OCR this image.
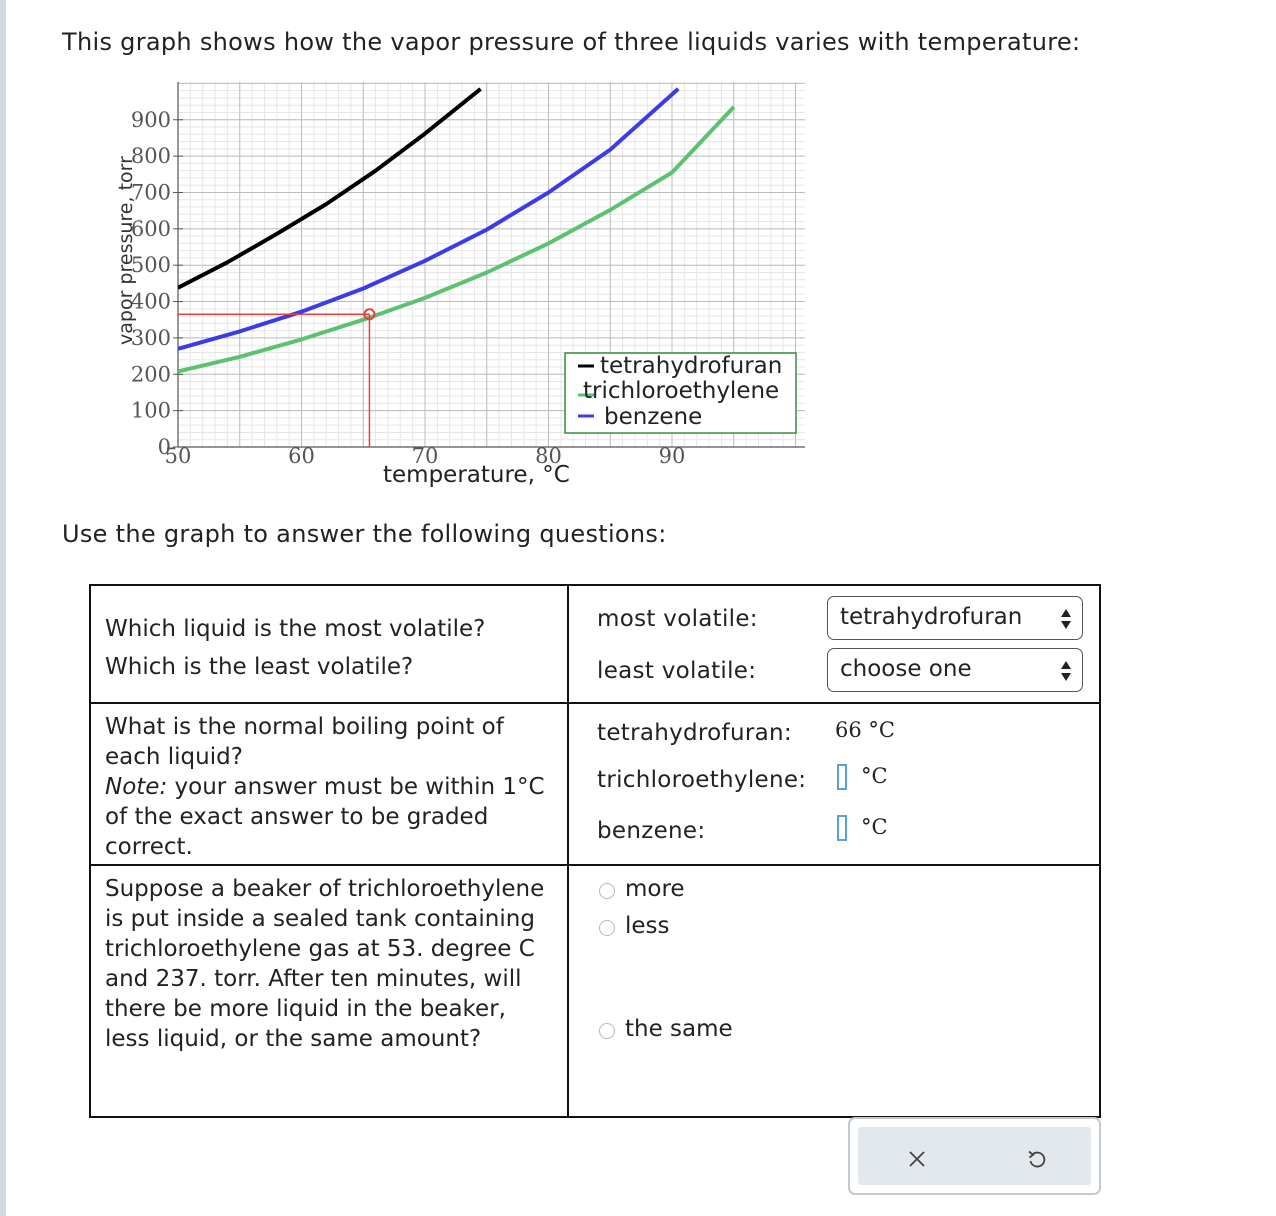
This graph shows how the vapor pressure of three liquids varies with temperature:
0
100
200
300
400
500
600
700
800
900
50	60	70	80	90
tetrahydrofuran
trichloroethylene
benzene
temperature, °C
vapor pressure, torr
Use the graph to answer the following questions:
Which liquid is the most volatile?
Which is the least volatile?
most volatile:	tetrahydrofuran
least volatile:	choose one
What is the normal boiling point of each liquid?
Note: your answer must be within 1°C of the exact answer to be graded correct.
tetrahydrofuran: 66 °C
trichloroethylene:	°C
benzene:	°C
Suppose a beaker of trichloroethylene is put inside a sealed tank containing trichloroethylene gas at 53. degree C and 237. torr. After ten minutes, will there be more liquid in the beaker, less liquid, or the same amount?
more
less
the same
